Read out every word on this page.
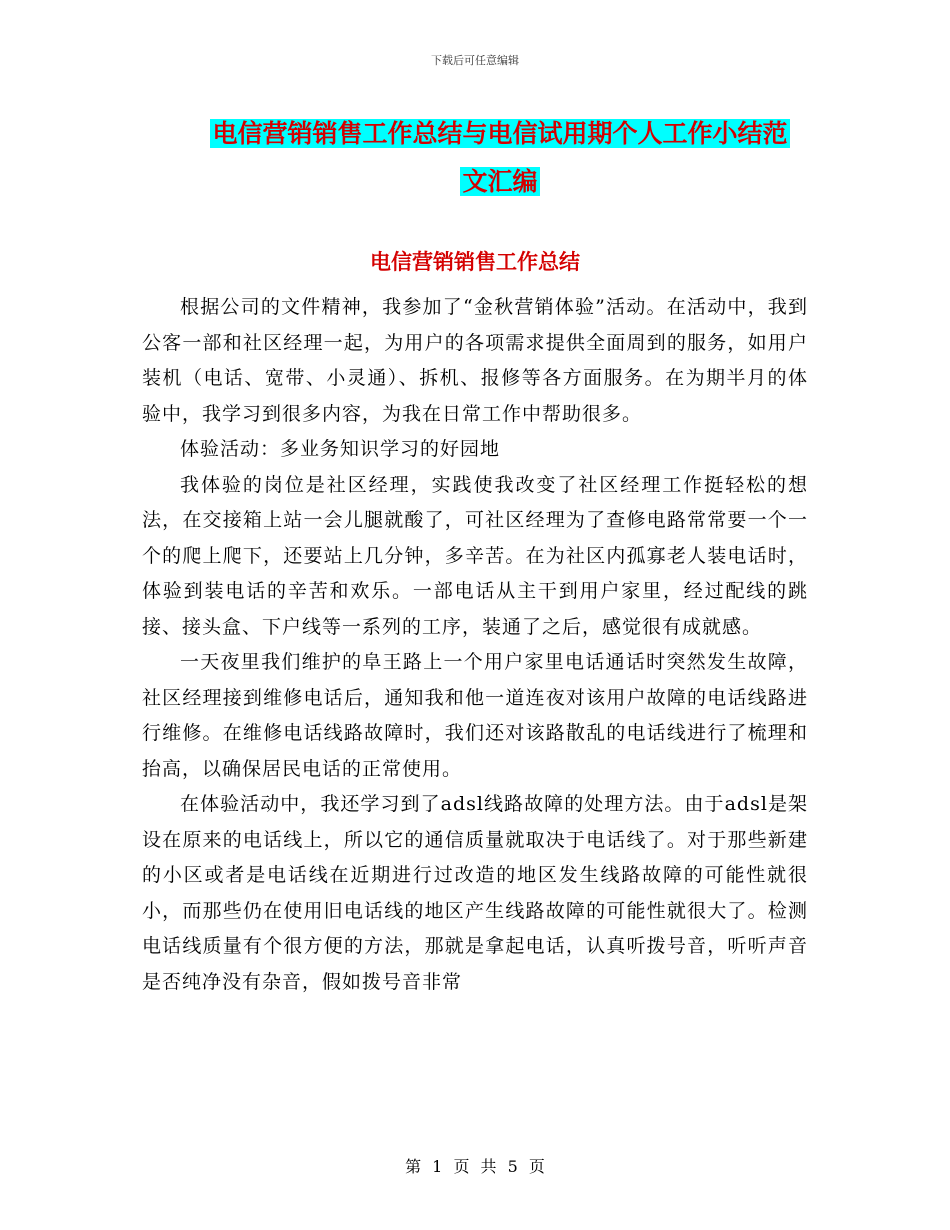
下载后可任意编辑
电信营销销售工作总结与电信试用期个人工作小结范
文汇编
电信营销销售工作总结

根据公司的文件精神，我参加了“金秋营销体验”活动。在活动中，我到公客一部和社区经理一起，为用户的各项需求提供全面周到的服务，如用户装机（电话、宽带、小灵通）、拆机、报修等各方面服务。在为期半月的体验中，我学习到很多内容，为我在日常工作中帮助很多。

体验活动：多业务知识学习的好园地

我体验的岗位是社区经理，实践使我改变了社区经理工作挺轻松的想法，在交接箱上站一会儿腿就酸了，可社区经理为了查修电路常常要一个一个的爬上爬下，还要站上几分钟，多辛苦。在为社区内孤寡老人装电话时，体验到装电话的辛苦和欢乐。一部电话从主干到用户家里，经过配线的跳接、接头盒、下户线等一系列的工序，装通了之后，感觉很有成就感。

一天夜里我们维护的阜王路上一个用户家里电话通话时突然发生故障，社区经理接到维修电话后，通知我和他一道连夜对该用户故障的电话线路进行维修。在维修电话线路故障时，我们还对该路散乱的电话线进行了梳理和抬高，以确保居民电话的正常使用。

在体验活动中，我还学习到了adsl线路故障的处理方法。由于adsl是架设在原来的电话线上，所以它的通信质量就取决于电话线了。对于那些新建的小区或者是电话线在近期进行过改造的地区发生线路故障的可能性就很小，而那些仍在使用旧电话线的地区产生线路故障的可能性就很大了。检测电话线质量有个很方便的方法，那就是拿起电话，认真听拨号音，听听声音是否纯净没有杂音，假如拨号音非常

第 1 页 共 5 页
